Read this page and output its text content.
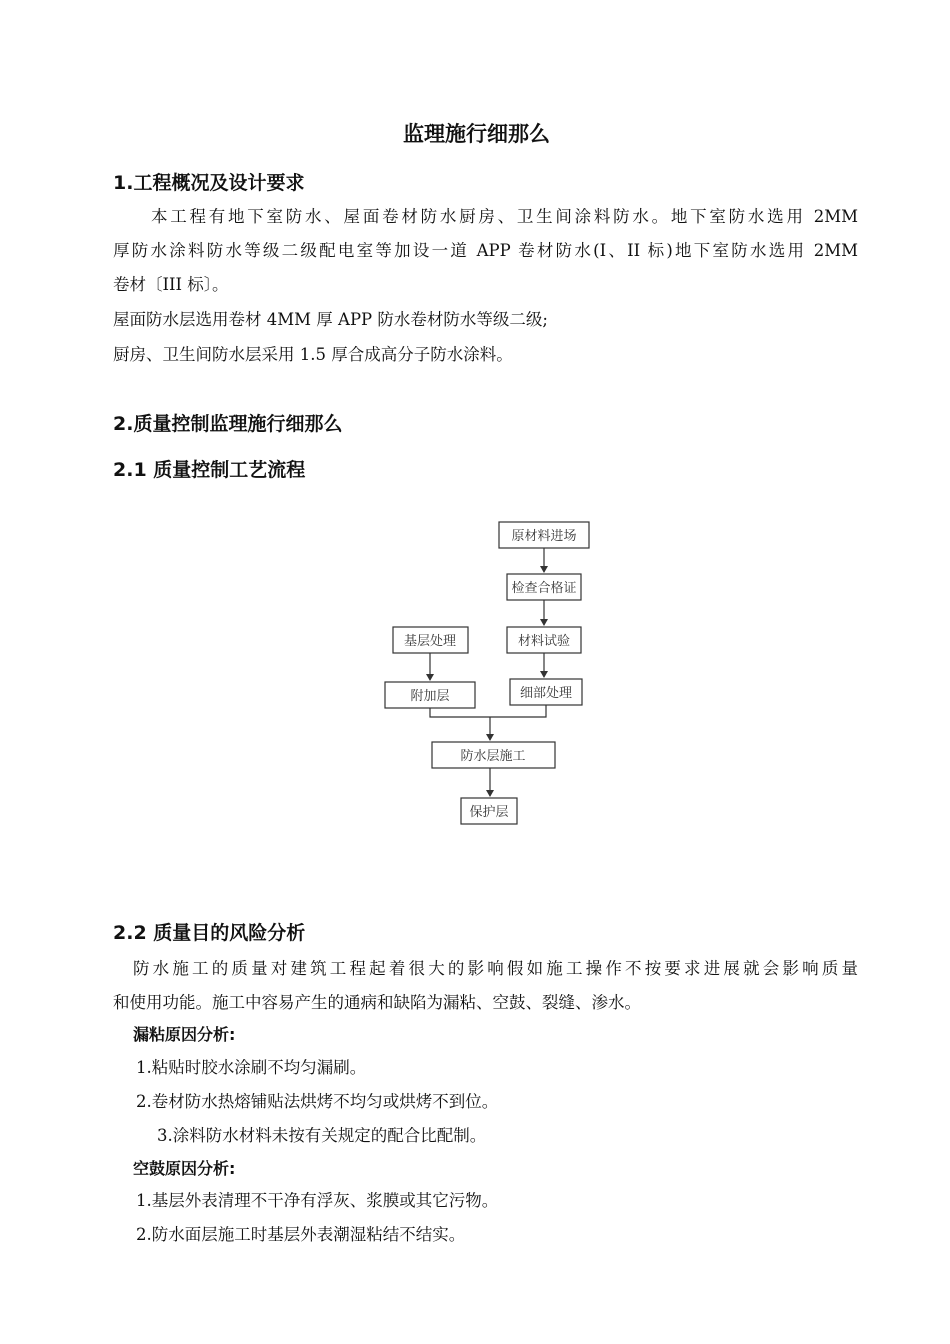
监理施行细那么
1.工程概况及设计要求
本工程有地下室防水、屋面卷材防水厨房、卫生间涂料防水。地下室防水选用 2MM
厚防水涂料防水等级二级配电室等加设一道 APP 卷材防水(I、II 标)地下室防水选用 2MM
卷材〔III 标〕。
屋面防水层选用卷材 4MM 厚 APP 防水卷材防水等级二级;
厨房、卫生间防水层采用 1.5 厚合成高分子防水涂料。
2.质量控制监理施行细那么
2.1 质量控制工艺流程
原材料进场
检查合格证
基层处理	材料试验
附加层	细部处理
防水层施工
保护层
2.2 质量目的风险分析
防水施工的质量对建筑工程起着很大的影响假如施工操作不按要求进展就会影响质量
和使用功能。施工中容易产生的通病和缺陷为漏粘、空鼓、裂缝、渗水。
漏粘原因分析:
1.粘贴时胶水涂刷不均匀漏刷。
2.卷材防水热熔铺贴法烘烤不均匀或烘烤不到位。
3.涂料防水材料未按有关规定的配合比配制。
空鼓原因分析:
1.基层外表清理不干净有浮灰、浆膜或其它污物。
2.防水面层施工时基层外表潮湿粘结不结实。
